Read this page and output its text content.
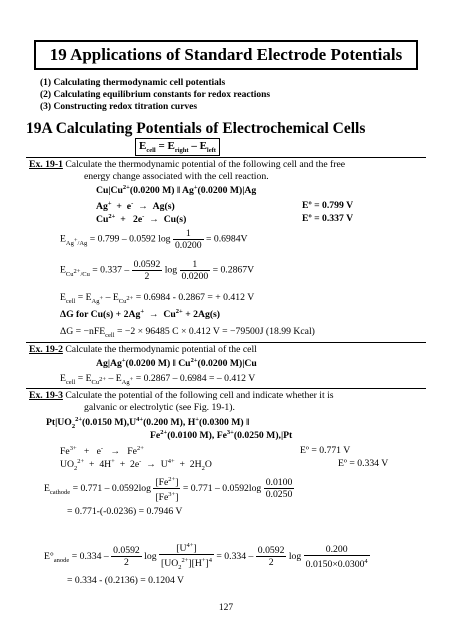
19 Applications of Standard Electrode Potentials
(1) Calculating thermodynamic cell potentials
(2) Calculating equilibrium constants for redox reactions
(3) Constructing redox titration curves
19A Calculating Potentials of Electrochemical Cells
$E_{cell} = E_{right} - E_{left}$
Ex. 19-1 Calculate the thermodynamic potential of the following cell and the free
energy change associated with the cell reaction.
$Cu|Cu^{2+}(0.0200$ M) ‖ Ag+(0.0200 M)|Ag
Ag+  +  e-  →  Ag(s)	Eº = 0.799 V
$Cu^{2+} + 2e^- \to Cu(s)$	Eº = 0.337 V
$E_{Ag^+/Ag} = 0.799 - 0.0592$ $\log \frac{1}{0.0200} = 0.6984V$
$E_{Cu^{2+}/Cu} = 0.337 - \frac{0.0592}{2}$ $\log \frac{1}{0.0200} = 0.2867V$
$E_{cell} = E_{Ag^+} - E_{Cu^{2+}} = 0.6984 - 0.2867$ = + 0.412 V
ΔG for $Cu(s) + 2Ag^+ \to Cu^{2+} + 2Ag(s)$
ΔG = −nFE$_{cell}$ = −2 × 96485 C × 0.412 V = −79500J (18.99 Kcal)
Ex. 19-2 Calculate the thermodynamic potential of the cell
Ag|Ag+(0.0200 M) ‖ $Cu^{2+}(0.0200$ M)|Cu
$E_{cell} = E_{Cu^{2+}} - E_{Ag^+} = 0.2867 - 0.6984$ = – 0.412 V
Ex. 19-3 Calculate the potential of the following cell and indicate whether it is
galvanic or electrolytic (see Fig. 19-1).
$Pt|UO_2^{2+}(0.0150$ $M),U^{4+}(0.200$ M), H+(0.0300 M) ‖
$Fe^{2+}(0.0100$ M), $Fe^{3+}(0.0250$ M),|Pt
$Fe^{3+} + e^- \to Fe^{2+}$	Eº = 0.771 V
$UO_2^{2+} + 4H^+ + 2e^- \to U^{4+} + 2H_2O$	Eº = 0.334 V
$E_{cathode} = 0.771 - 0.0592\log \frac{[Fe^{2+}]}{[Fe^{3+}]} = 0.771 - 0.0592\log \frac{0.0100}{0.0250}$
= 0.771-(-0.0236) = 0.7946 V
$E^\circ_{anode} = 0.334 - \frac{0.0592}{2}$ $\log \frac{[U^{4+}]}{[UO_2^{2+}][H^+]^4} = 0.334 - \frac{0.0592}{2}$ $\log \frac{0.200}{0.0150\times 0.0300^4}$
= 0.334 - (0.2136) = 0.1204 V
127
